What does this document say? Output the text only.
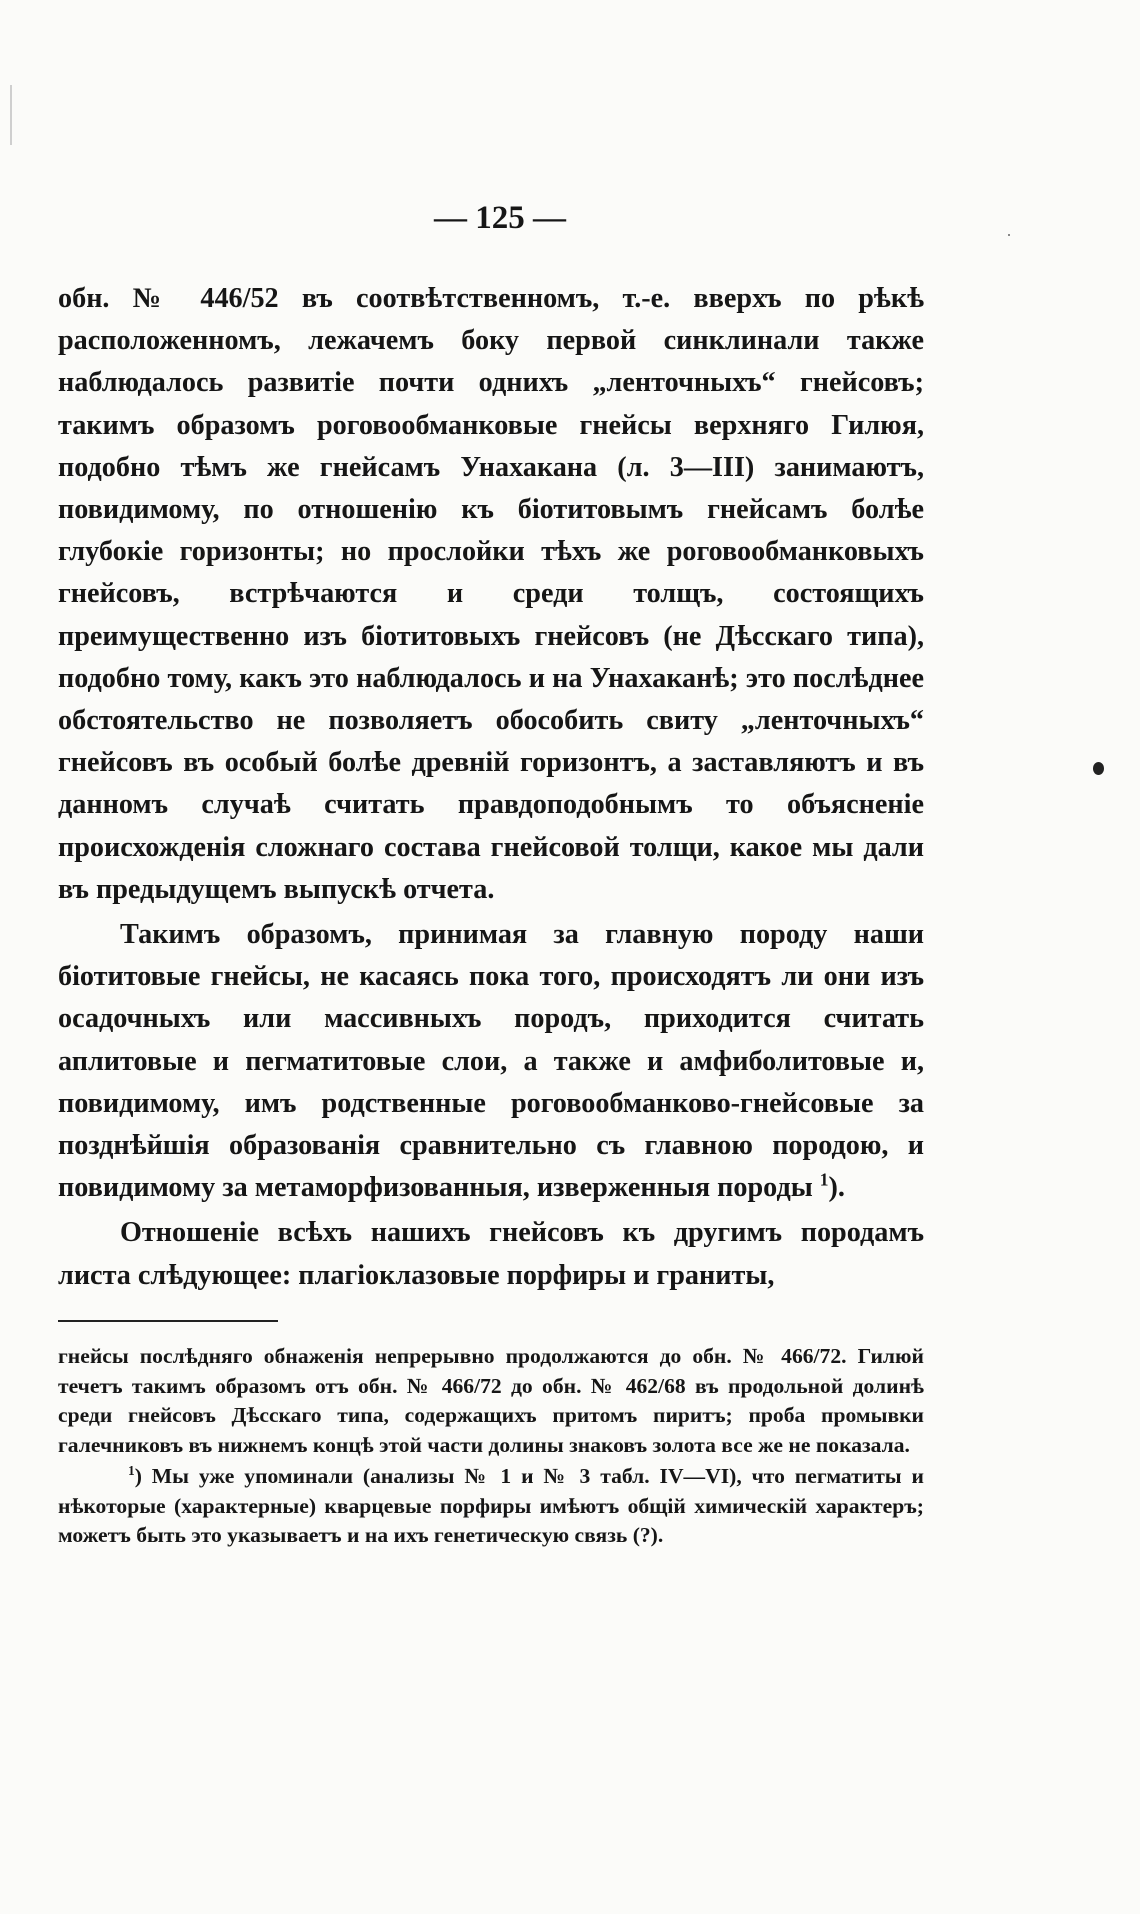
— 125 —

обн. № 446/52 въ соотвѣтственномъ, т.-е. вверхъ по рѣкѣ расположенномъ, лежачемъ боку первой синклинали также наблюдалось развитіе почти однихъ „ленточныхъ“ гнейсовъ; такимъ образомъ роговообманковые гнейсы верхняго Гилюя, подобно тѣмъ же гнейсамъ Унахакана (л. 3—III) занимаютъ, повидимому, по отношенію къ біотитовымъ гнейсамъ болѣе глубокіе горизонты; но прослойки тѣхъ же роговообманковыхъ гнейсовъ, встрѣчаются и среди толщъ, состоящихъ преимущественно изъ біотитовыхъ гнейсовъ (не Дѣсскаго типа), подобно тому, какъ это наблюдалось и на Унахаканѣ; это послѣднее обстоятельство не позволяетъ обособить свиту „ленточныхъ“ гнейсовъ въ особый болѣе древній горизонтъ, а заставляютъ и въ данномъ случаѣ считать правдоподобнымъ то объясненіе происхожденія сложнаго состава гнейсовой толщи, какое мы дали въ предыдущемъ выпускѣ отчета.

Такимъ образомъ, принимая за главную породу наши біотитовые гнейсы, не касаясь пока того, происходятъ ли они изъ осадочныхъ или массивныхъ породъ, приходится считать аплитовые и пегматитовые слои, а также и амфиболитовые и, повидимому, имъ родственные роговообманково-гнейсовые за позднѣйшія образованія сравнительно съ главною породою, и повидимому за метаморфизованныя, изверженныя породы $^1$).

Отношеніе всѣхъ нашихъ гнейсовъ къ другимъ породамъ листа слѣдующее: плагіоклазовые порфиры и граниты,

гнейсы послѣдняго обнаженія непрерывно продолжаются до обн. № 466/72. Гилюй течетъ такимъ образомъ отъ обн. № 466/72 до обн. № 462/68 въ продольной долинѣ среди гнейсовъ Дѣсскаго типа, содержащихъ притомъ пиритъ; проба промывки галечниковъ въ нижнемъ концѣ этой части долины знаковъ золота все же не показала.

$^1$) Мы уже упоминали (анализы № 1 и № 3 табл. IV—VI), что пегматиты и нѣкоторые (характерные) кварцевые порфиры имѣютъ общій химическій характеръ; можетъ быть это указываетъ и на ихъ генетическую связь (?).
